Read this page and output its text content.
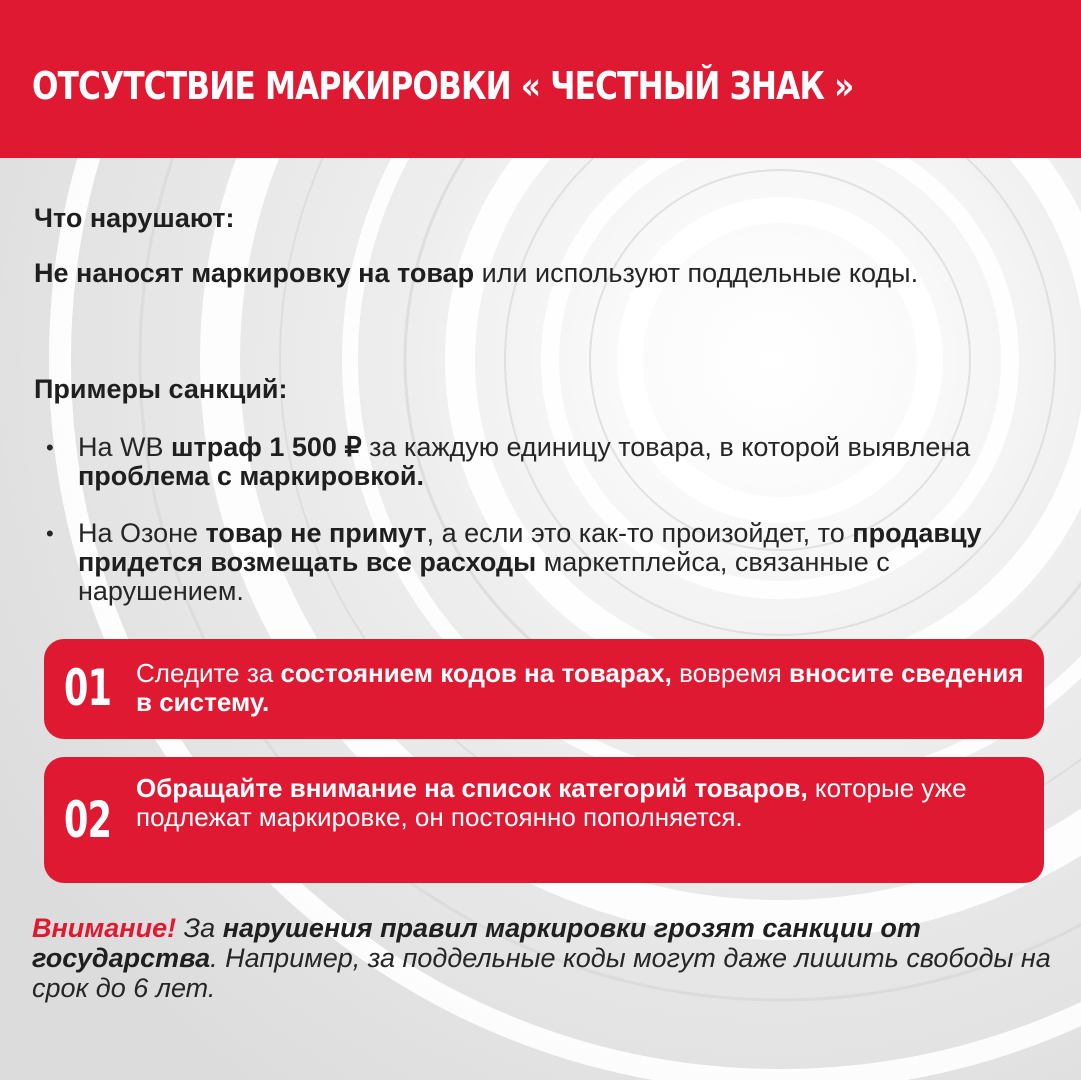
ОТСУТСТВИЕ МАРКИРОВКИ « ЧЕСТНЫЙ ЗНАК »
Что нарушают:

Не наносят маркировку на товар или используют поддельные коды.

Примеры санкций:
• На WB штраф 1 500 ₽ за каждую единицу товара, в которой выявлена проблема с маркировкой.
• На Озоне товар не примут, а если это как-то произойдет, то продавцу придется возмещать все расходы маркетплейса, связанные с нарушением.
01 Следите за состоянием кодов на товарах, вовремя вносите сведения в систему.
02
Обращайте внимание на список категорий товаров, которые уже подлежат маркировке, он постоянно пополняется.
Внимание! За нарушения правил маркировки грозят санкции от государства. Например, за поддельные коды могут даже лишить свободы на срок до 6 лет.
